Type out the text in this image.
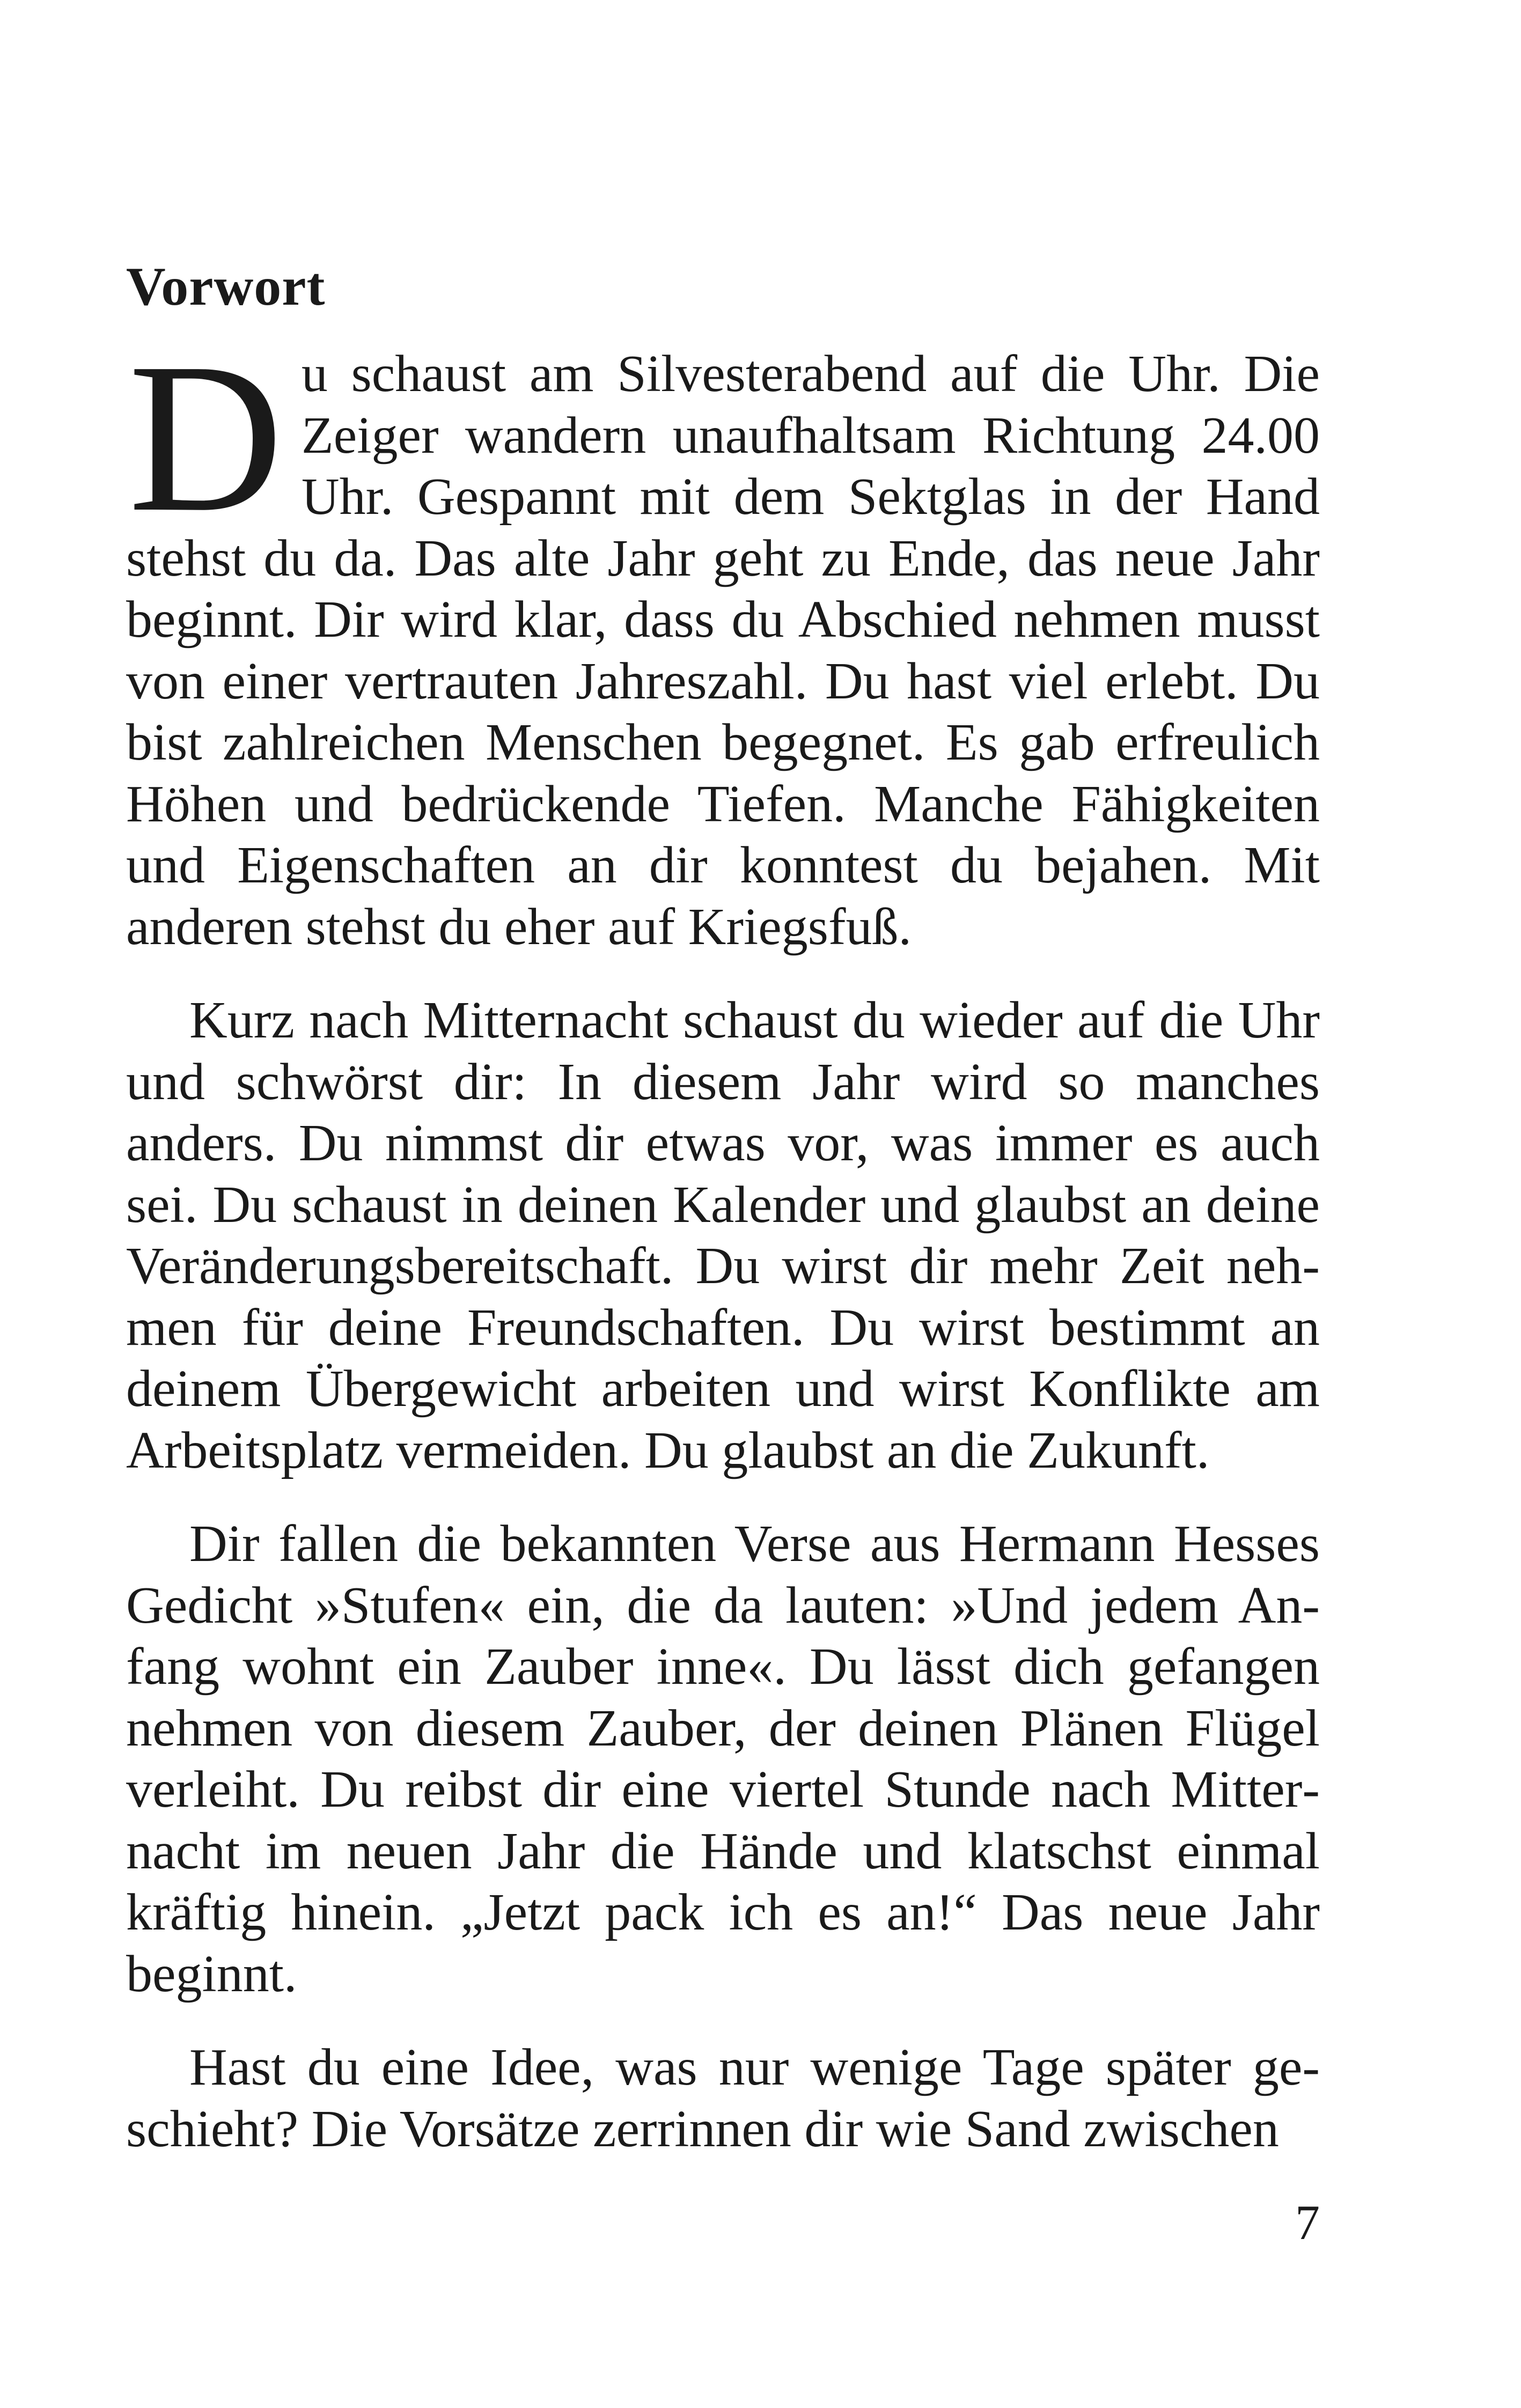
Vorwort

Du schaust am Silvesterabend auf die Uhr. Die Zeiger wandern unaufhaltsam Richtung 24.00 Uhr. Gespannt mit dem Sektglas in der Hand stehst du da. Das alte Jahr geht zu Ende, das neue Jahr beginnt. Dir wird klar, dass du Abschied nehmen musst von einer vertrauten Jahreszahl. Du hast viel erlebt. Du bist zahlreichen Menschen begegnet. Es gab erfreulich Höhen und bedrückende Tiefen. Manche Fähigkeiten und Eigenschaften an dir konntest du bejahen. Mit anderen stehst du eher auf Kriegsfuß.

Kurz nach Mitternacht schaust du wieder auf die Uhr und schwörst dir: In diesem Jahr wird so manches anders. Du nimmst dir etwas vor, was immer es auch sei. Du schaust in deinen Kalender und glaubst an deine Veränderungsbereitschaft. Du wirst dir mehr Zeit nehmen für deine Freundschaften. Du wirst bestimmt an deinem Übergewicht arbeiten und wirst Konflikte am Arbeitsplatz vermeiden. Du glaubst an die Zukunft.

Dir fallen die bekannten Verse aus Hermann Hesses Gedicht »Stufen« ein, die da lauten: »Und jedem Anfang wohnt ein Zauber inne«. Du lässt dich gefangen nehmen von diesem Zauber, der deinen Plänen Flügel verleiht. Du reibst dir eine viertel Stunde nach Mitternacht im neuen Jahr die Hände und klatschst einmal kräftig hinein. „Jetzt pack ich es an!“ Das neue Jahr beginnt.

Hast du eine Idee, was nur wenige Tage später geschieht? Die Vorsätze zerrinnen dir wie Sand zwischen

7
